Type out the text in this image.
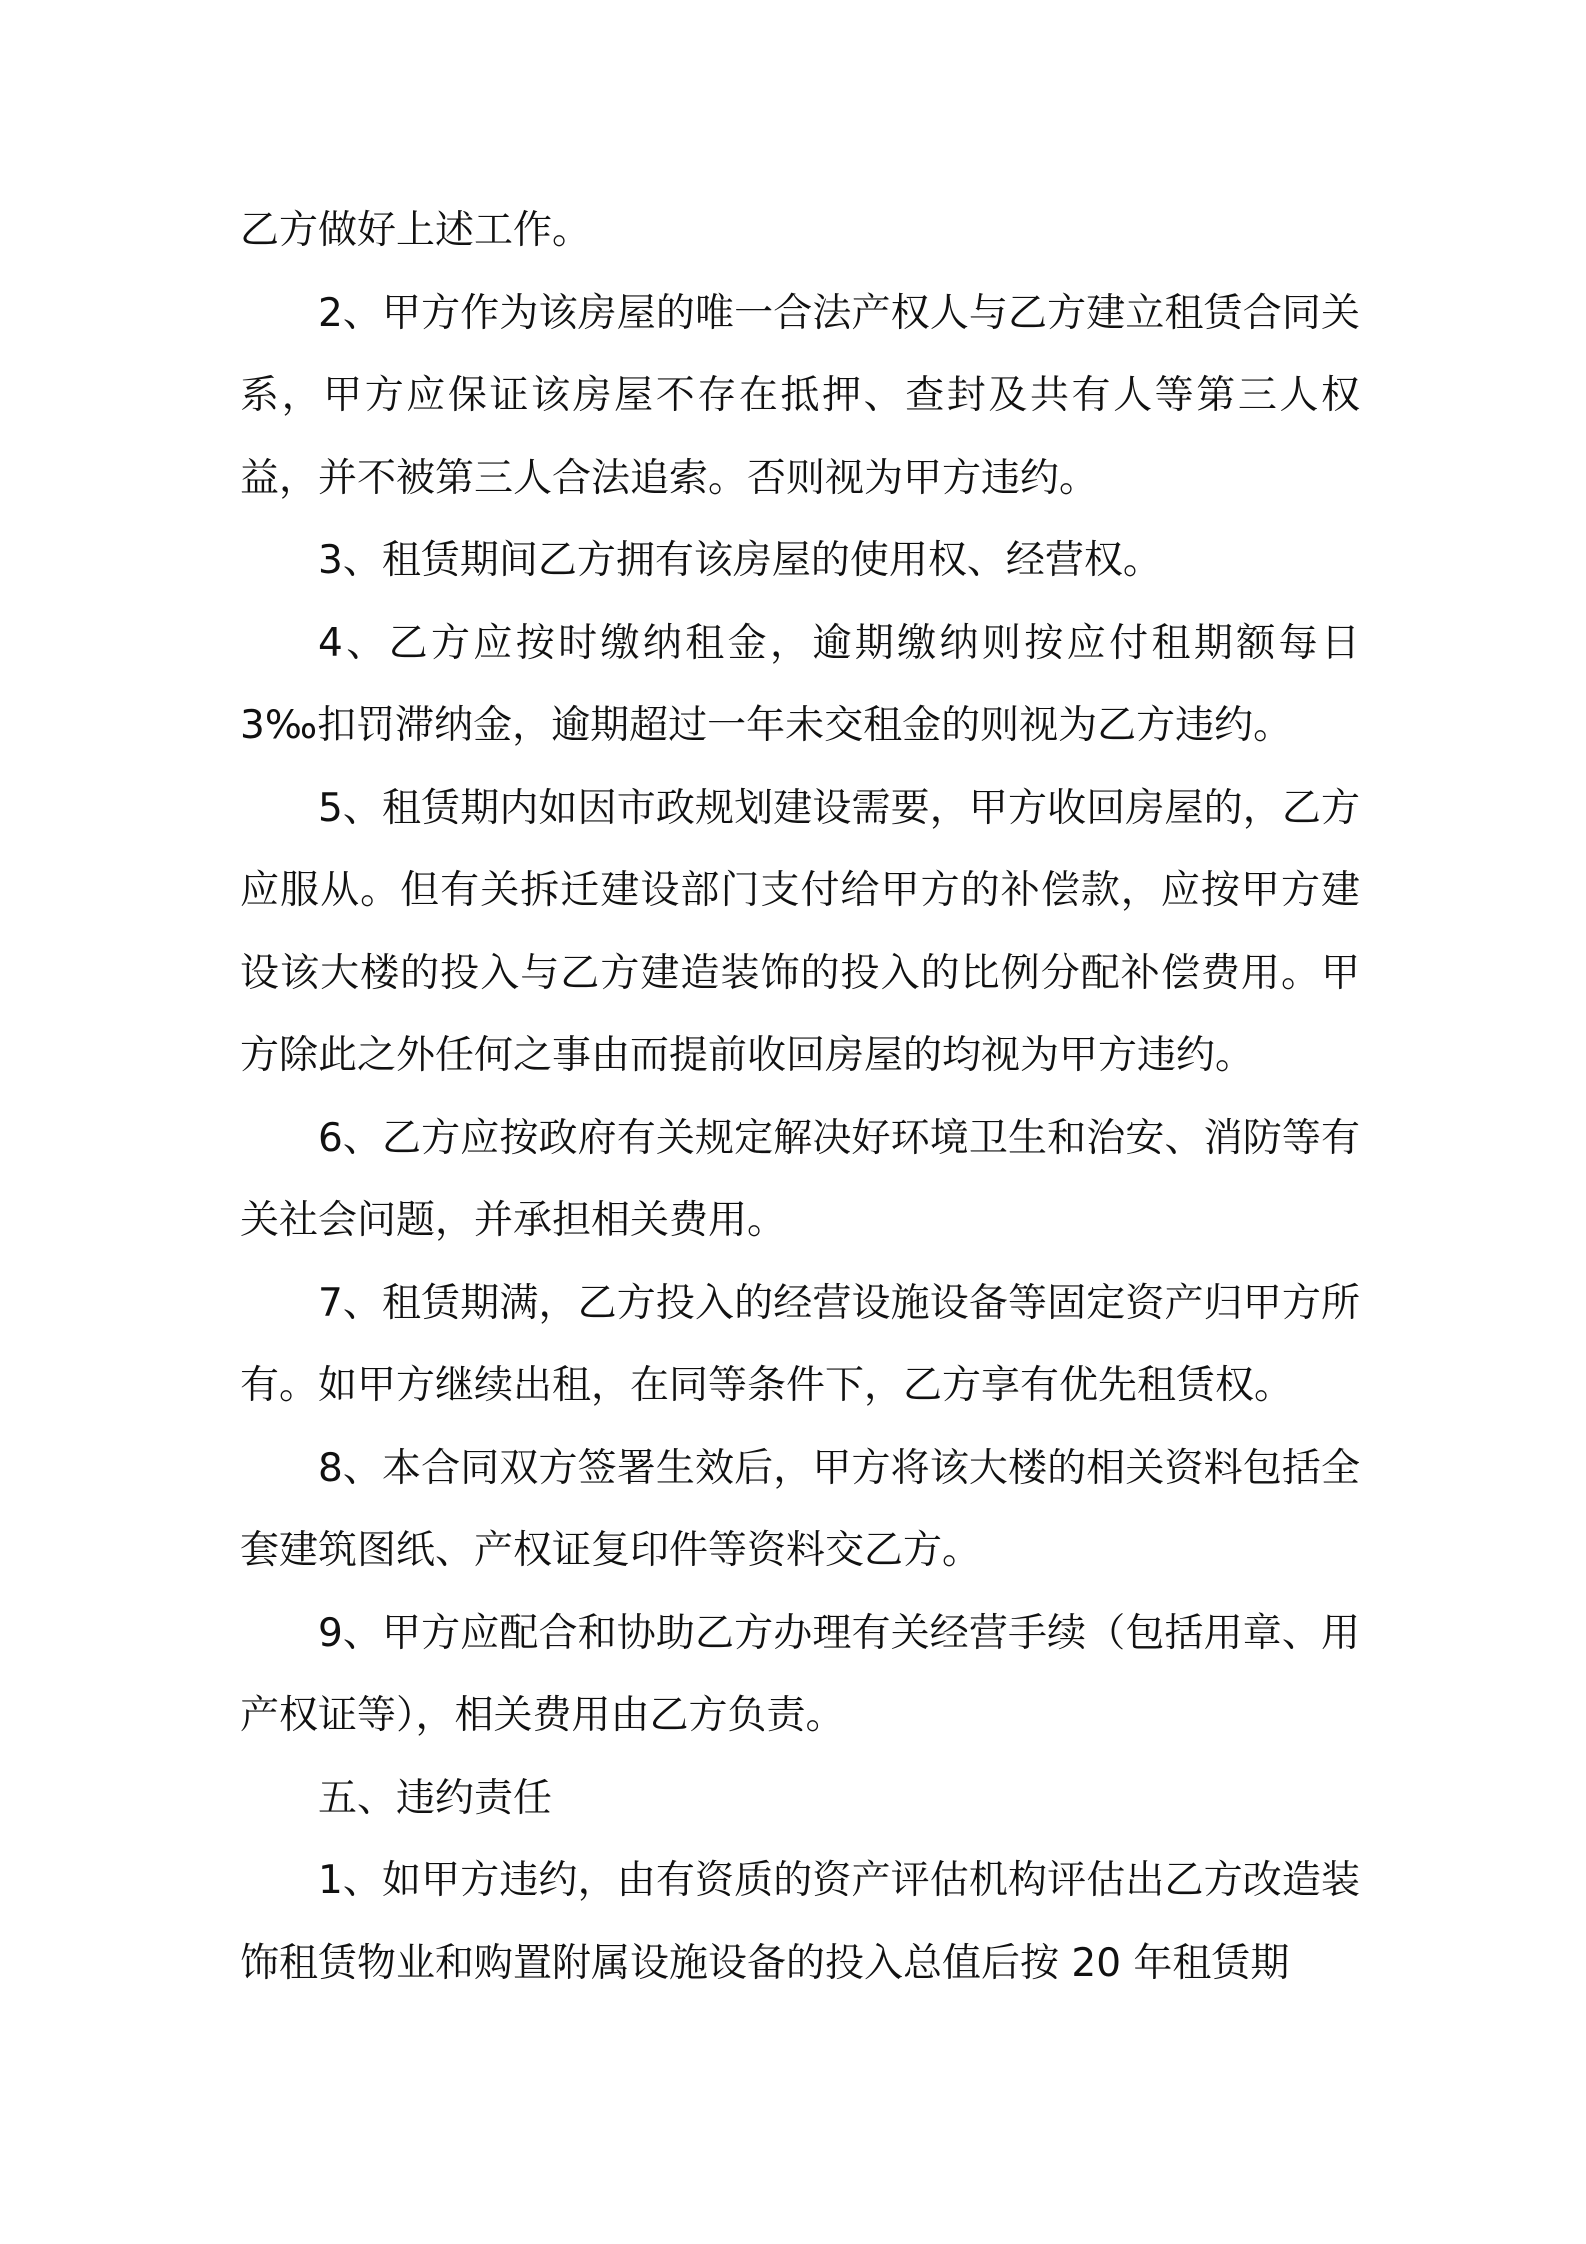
乙方做好上述工作。

2、甲方作为该房屋的唯一合法产权人与乙方建立租赁合同关系，甲方应保证该房屋不存在抵押、查封及共有人等第三人权益，并不被第三人合法追索。否则视为甲方违约。

3、租赁期间乙方拥有该房屋的使用权、经营权。

4、乙方应按时缴纳租金，逾期缴纳则按应付租期额每日 3‰扣罚滞纳金，逾期超过一年未交租金的则视为乙方违约。

5、租赁期内如因市政规划建设需要，甲方收回房屋的，乙方应服从。但有关拆迁建设部门支付给甲方的补偿款，应按甲方建设该大楼的投入与乙方建造装饰的投入的比例分配补偿费用。甲方除此之外任何之事由而提前收回房屋的均视为甲方违约。

6、乙方应按政府有关规定解决好环境卫生和治安、消防等有关社会问题，并承担相关费用。

7、租赁期满，乙方投入的经营设施设备等固定资产归甲方所有。如甲方继续出租，在同等条件下，乙方享有优先租赁权。

8、本合同双方签署生效后，甲方将该大楼的相关资料包括全套建筑图纸、产权证复印件等资料交乙方。

9、甲方应配合和协助乙方办理有关经营手续（包括用章、用产权证等），相关费用由乙方负责。

五、违约责任

1、如甲方违约，由有资质的资产评估机构评估出乙方改造装饰租赁物业和购置附属设施设备的投入总值后按 20 年租赁期
